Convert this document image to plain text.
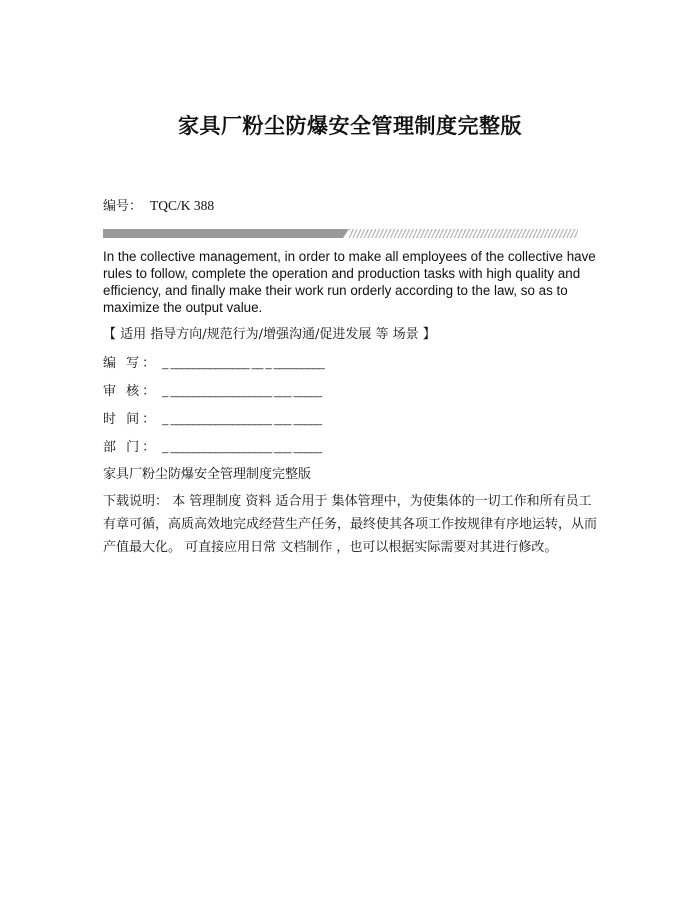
家具厂粉尘防爆安全管理制度完整版
编号： TQC/K 388
In the collective management, in order to make all employees of the collective have rules to follow, complete the operation and production tasks with high quality and efficiency, and finally make their work run orderly according to the law, so as to maximize the output value.
【 适用 指导方向/规范行为/增强沟通/促进发展 等 场景 】
编 写： _ ______________ __ _ _________
审 核： _ __________________ ___ _____
时 间： _ __________________ ___ _____
部 门： _ __________________ ___ _____
家具厂粉尘防爆安全管理制度完整版
下载说明： 本 管理制度 资料 适合用于 集体管理中，为使集体的一切工作和所有员工有章可循，高质高效地完成经营生产任务，最终使其各项工作按规律有序地运转，从而产值最大化。 可直接应用日常 文档制作 ，也可以根据实际需要对其进行修改。
